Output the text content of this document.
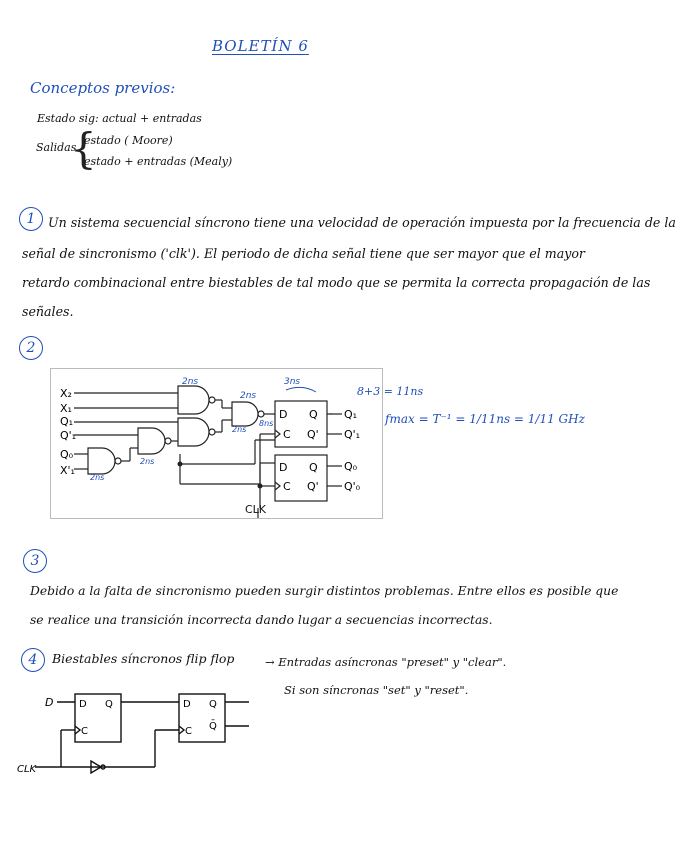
BOLETÍN 6
Conceptos previos:
Estado sig: actual + entradas
Salidas
{
estado ( Moore)
estado + entradas (Mealy)
1 Un sistema secuencial síncrono tiene una velocidad de operación impuesta por la frecuencia de la
señal de sincronismo ('clk'). El periodo de dicha señal tiene que ser mayor que el mayor
retardo combinacional entre biestables de tal modo que se permita la correcta propagación de las
señales.
2
X₂
X₁
Q₁
Q'₁
Q₀
X'₁
D Q
C Q'
D Q
C Q'
Q₁
Q'₁
Q₀
Q'₀
2ns
2ns
3ns
2ns
2ns
2ns
8ns
CLK
8+3 = 11ns
fmax = T⁻¹ = 1/11ns = 1/11 GHz
3
Debido a la falta de sincronismo pueden surgir distintos problemas. Entre ellos es posible que
se realice una transición incorrecta dando lugar a secuencias incorrectas.
4	Biestables síncronos flip flop	→ Entradas asíncronas "preset" y "clear".
Si son síncronas "set" y "reset".
D Q
C
D Q
C Q̄
D
CLK
